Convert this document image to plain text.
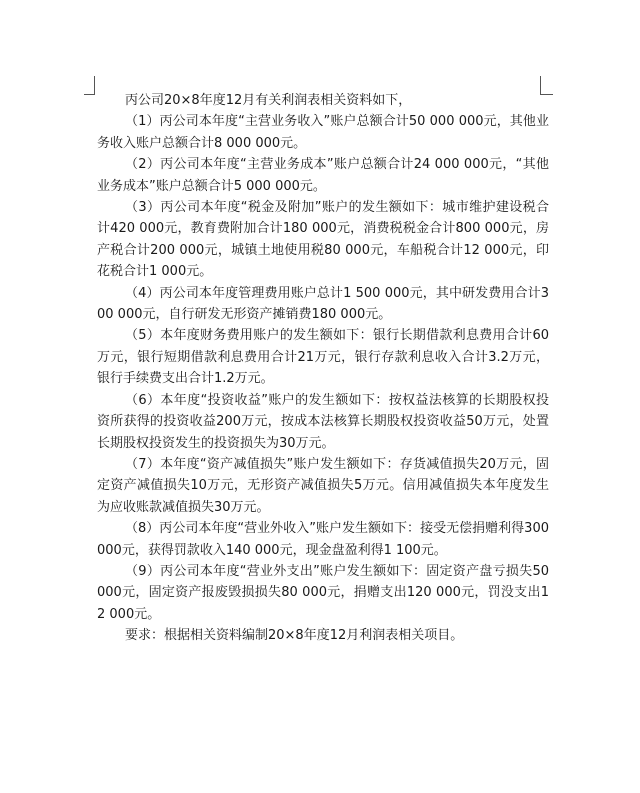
丙公司20×8年度12月有关利润表相关资料如下，

（1）丙公司本年度“主营业务收入”账户总额合计50 000 000元，其他业务收入账户总额合计8 000 000元。

（2）丙公司本年度“主营业务成本”账户总额合计24 000 000元，“其他业务成本”账户总额合计5 000 000元。

（3）丙公司本年度“税金及附加”账户的发生额如下：城市维护建设税合计420 000元，教育费附加合计180 000元，消费税税金合计800 000元，房产税合计200 000元，城镇土地使用税80 000元，车船税合计12 000元，印花税合计1 000元。

（4）丙公司本年度管理费用账户总计1 500 000元，其中研发费用合计300 000元，自行研发无形资产摊销费180 000元。

（5）本年度财务费用账户的发生额如下：银行长期借款利息费用合计60万元，银行短期借款利息费用合计21万元，银行存款利息收入合计3.2万元，银行手续费支出合计1.2万元。

（6）本年度“投资收益”账户的发生额如下：按权益法核算的长期股权投资所获得的投资收益200万元，按成本法核算长期股权投资收益50万元，处置长期股权投资发生的投资损失为30万元。

（7）本年度“资产减值损失”账户发生额如下：存货减值损失20万元，固定资产减值损失10万元，无形资产减值损失5万元。信用减值损失本年度发生为应收账款减值损失30万元。

（8）丙公司本年度“营业外收入”账户发生额如下：接受无偿捐赠利得300000元，获得罚款收入140 000元，现金盘盈利得1 100元。

（9）丙公司本年度“营业外支出”账户发生额如下：固定资产盘亏损失50 000元，固定资产报废毁损损失80 000元，捐赠支出120 000元，罚没支出12 000元。

要求：根据相关资料编制20×8年度12月利润表相关项目。
